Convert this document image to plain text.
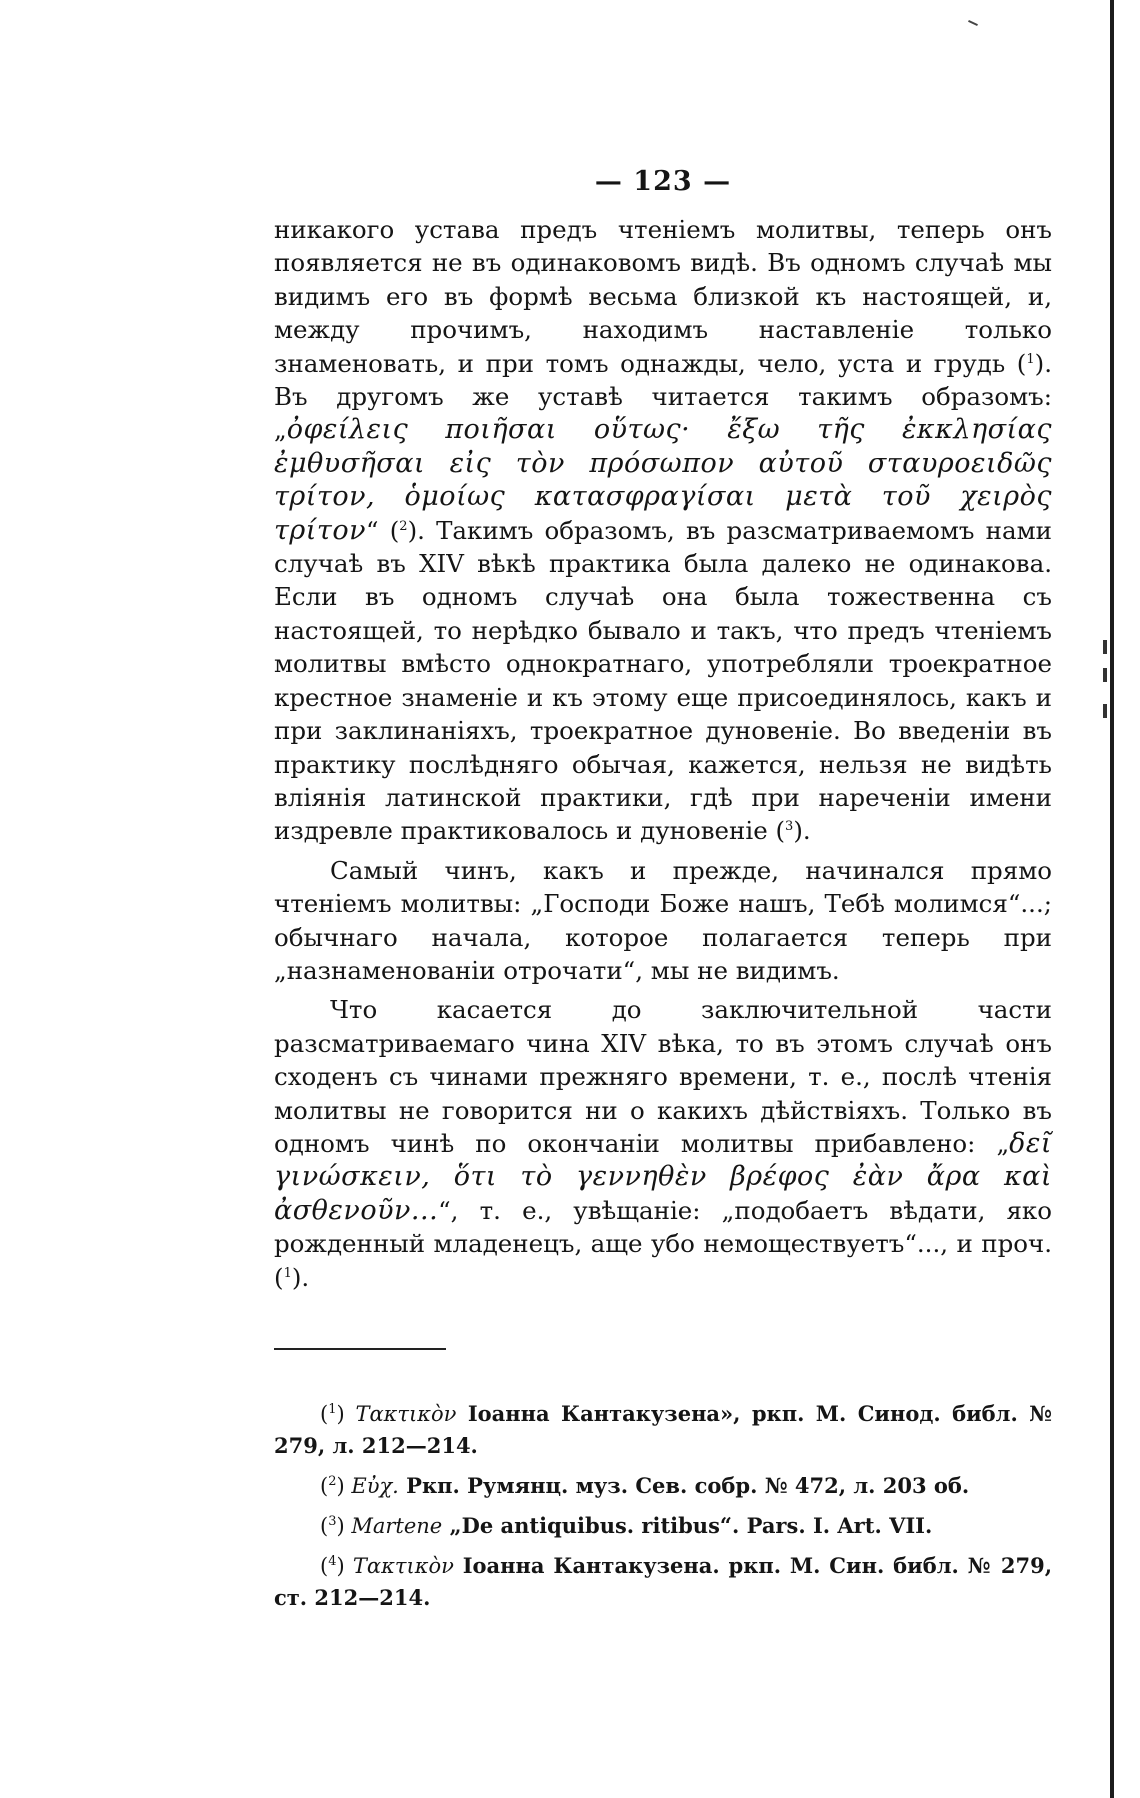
— 123 —

никакого устава предъ чтеніемъ молитвы, теперь онъ появляется не въ одинаковомъ видѣ. Въ одномъ случаѣ мы видимъ его въ формѣ весьма близкой къ настоящей, и, между прочимъ, находимъ наставленіе только знаменовать, и при томъ однажды, чело, уста и грудь ($^1$). Въ другомъ же уставѣ читается такимъ образомъ: „ὀφείλεις ποιῆσαι οὕτως· ἔξω τῆς ἐκκλησίας ἐμθυσῆσαι εἰς τὸν πρόσωπον αὐτοῦ σταυροειδῶς τρίτον, ὁμοίως κατασφραγίσαι μετὰ τοῦ χειρὸς τρίτον“ ($^2$). Такимъ образомъ, въ разсматриваемомъ нами случаѣ въ XIV вѣкѣ практика была далеко не одинакова. Если въ одномъ случаѣ она была тожественна съ настоящей, то нерѣдко бывало и такъ, что предъ чтеніемъ молитвы вмѣсто однократнаго, употребляли троекратное крестное знаменіе и къ этому еще присоединялось, какъ и при заклинаніяхъ, троекратное дуновеніе. Во введеніи въ практику послѣдняго обычая, кажется, нельзя не видѣть вліянія латинской практики, гдѣ при нареченіи имени издревле практиковалось и дуновеніе ($^3$).

Самый чинъ, какъ и прежде, начинался прямо чтеніемъ молитвы: „Господи Боже нашъ, Тебѣ молимся“...; обычнаго начала, которое полагается теперь при „назнаменованіи отрочати“, мы не видимъ.

Что касается до заключительной части разсматриваемаго чина XIV вѣка, то въ этомъ случаѣ онъ сходенъ съ чинами прежняго времени, т. е., послѣ чтенія молитвы не говорится ни о какихъ дѣйствіяхъ. Только въ одномъ чинѣ по окончаніи молитвы прибавлено: „δεῖ γινώσκειν, ὅτι τὸ γεννηθὲν βρέφος ἐὰν ἄρα καὶ ἀσθενοῦν...“, т. е., увѣщаніе: „подобаетъ вѣдати, яко рожденный младенецъ, аще убо немоществуетъ“..., и проч. ($^1$).

($^1$) Τακτικὸν Іоанна Кантакузена», ркп. М. Синод. библ. № 279, л. 212—214.

($^2$) Εὐχ. Ркп. Румянц. муз. Сев. собр. № 472, л. 203 об.

($^3$) Martene „De antiquibus. ritibus“. Pars. I. Art. VII.

($^4$) Τακτικὸν Іоанна Кантакузена. ркп. М. Син. библ. № 279, ст. 212—214.
